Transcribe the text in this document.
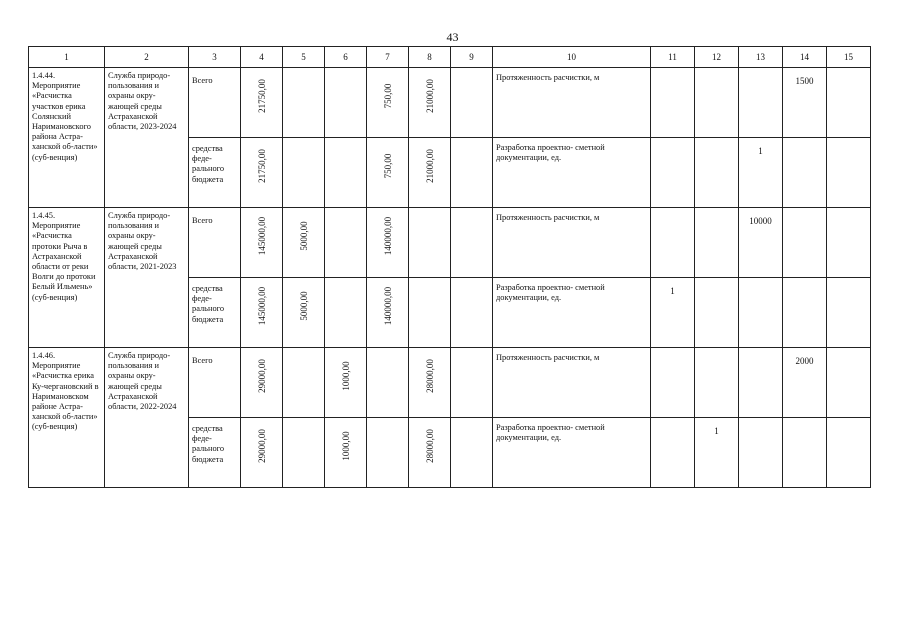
43
1	2	3	4	5	6	7	8	9	10	11	12	13	14	15

1.4.44. Мероприятие «Расчистка участков ерика Солянский Наримановского района Астра-ханской об-ласти» (суб-венция)	Служба природо-пользования и охраны окру-жающей среды Астраханской области, 2023-2024	Всего	21750,00			750,00	21000,00		Протяженность расчистки, м				1500	

		средства феде-рального бюджета	21750,00			750,00	21000,00		Разработка проектно- сметной документации, ед.			1		

1.4.45. Мероприятие «Расчистка протоки Рыча в Астраханской области от реки Волги до протоки Белый Ильмень» (суб-венция)	Служба природо-пользования и охраны окру-жающей среды Астраханской области, 2021-2023	Всего	145000,00	5000,00		140000,00			Протяженность расчистки, м			10000		

		средства феде-рального бюджета	145000,00	5000,00		140000,00			Разработка проектно- сметной документации, ед.	1				

1.4.46. Мероприятие «Расчистка ерика Ку-чергановский в Наримановском районе Астра-ханской об-ласти» (суб-венция)	Служба природо-пользования и охраны окру-жающей среды Астраханской области, 2022-2024	Всего	29000,00		1000,00		28000,00		Протяженность расчистки, м				2000	

		средства феде-рального бюджета	29000,00		1000,00		28000,00		Разработка проектно- сметной документации, ед.		1			
